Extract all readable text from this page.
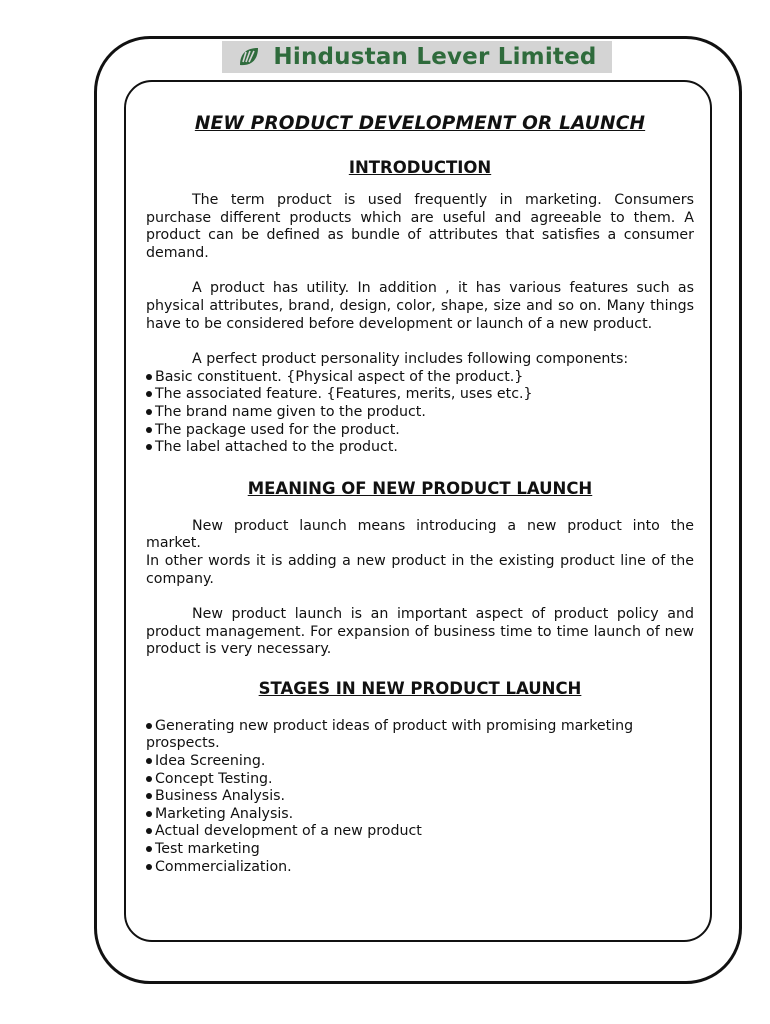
Hindustan Lever Limited
NEW PRODUCT DEVELOPMENT OR LAUNCH
INTRODUCTION

The term product is used frequently in marketing. Consumers purchase different products which are useful and agreeable to them. A product can be defined as bundle of attributes that satisfies a consumer demand.

A product has utility. In addition , it has various features such as physical attributes, brand, design, color, shape, size and so on. Many things have to be considered before development or launch of a new product.

A perfect product personality includes following components:

Basic constituent. {Physical aspect of the product.}
The associated feature. {Features, merits, uses etc.}
The brand name given to the product.
The package used for the product.
The label attached to the product.
MEANING OF NEW PRODUCT LAUNCH

New product launch means introducing a new product into the market.

In other words it is adding a new product in the existing product line of the company.

New product launch is an important aspect of product policy and product management. For expansion of business time to time launch of new product is very necessary.

STAGES IN NEW PRODUCT LAUNCH
Generating new product ideas of product with promising marketing prospects.
Idea Screening.
Concept Testing.
Business Analysis.
Marketing Analysis.
Actual development of a new product
Test marketing
Commercialization.
